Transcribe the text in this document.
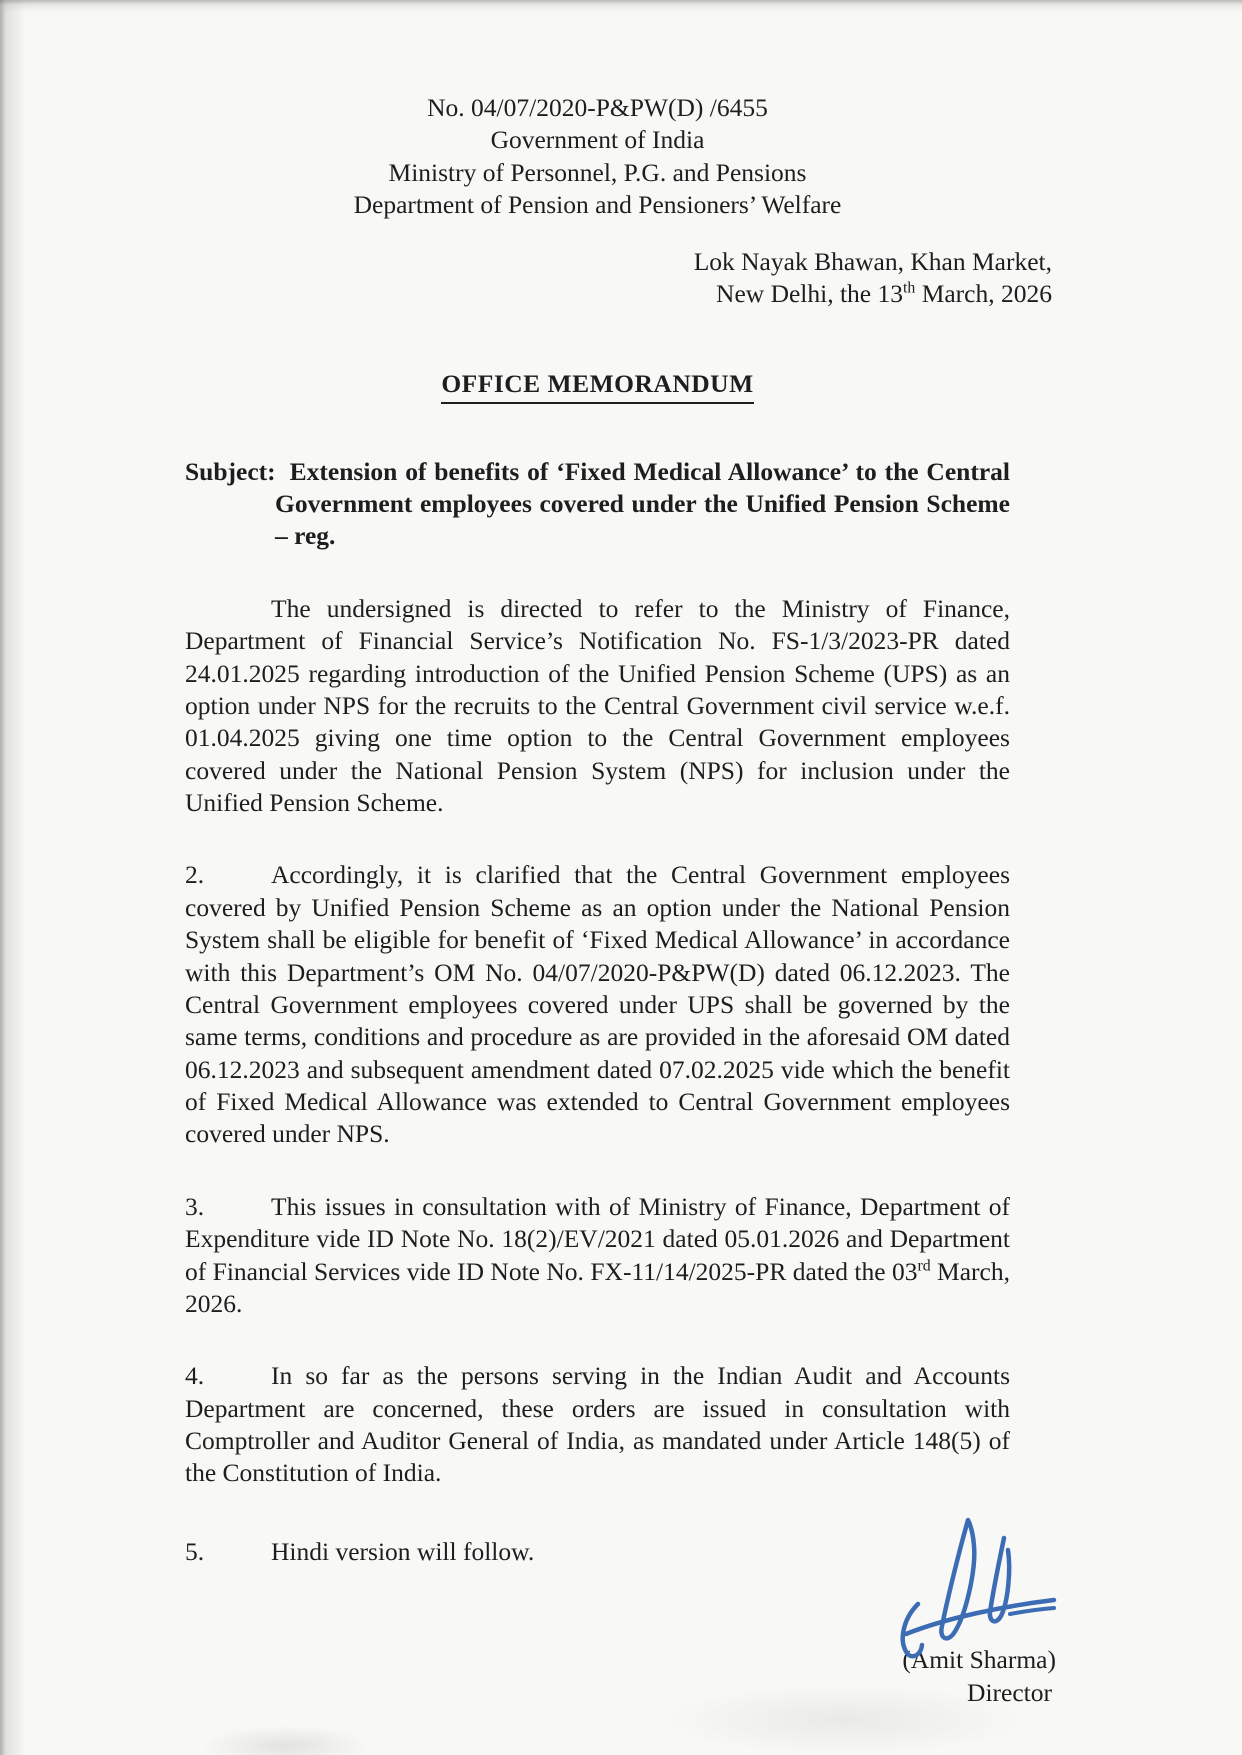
No. 04/07/2020-P&PW(D) /6455
Government of India
Ministry of Personnel, P.G. and Pensions
Department of Pension and Pensioners’ Welfare
Lok Nayak Bhawan, Khan Market,
New Delhi, the 13th March, 2026
OFFICE MEMORANDUM
Subject: Extension of benefits of ‘Fixed Medical Allowance’ to the Central Government employees covered under the Unified Pension Scheme – reg.

The undersigned is directed to refer to the Ministry of Finance, Department of Financial Service’s Notification No. FS-1/3/2023-PR dated 24.01.2025 regarding introduction of the Unified Pension Scheme (UPS) as an option under NPS for the recruits to the Central Government civil service w.e.f. 01.04.2025 giving one time option to the Central Government employees covered under the National Pension System (NPS) for inclusion under the Unified Pension Scheme.

2.	Accordingly, it is clarified that the Central Government employees covered by Unified Pension Scheme as an option under the National Pension System shall be eligible for benefit of ‘Fixed Medical Allowance’ in accordance with this Department’s OM No. 04/07/2020-P&PW(D) dated 06.12.2023. The Central Government employees covered under UPS shall be governed by the same terms, conditions and procedure as are provided in the aforesaid OM dated 06.12.2023 and subsequent amendment dated 07.02.2025 vide which the benefit of Fixed Medical Allowance was extended to Central Government employees covered under NPS.

3.	This issues in consultation with of Ministry of Finance, Department of Expenditure vide ID Note No. 18(2)/EV/2021 dated 05.01.2026 and Department of Financial Services vide ID Note No. FX-11/14/2025-PR dated the 03rd March, 2026.

4.	In so far as the persons serving in the Indian Audit and Accounts Department are concerned, these orders are issued in consultation with Comptroller and Auditor General of India, as mandated under Article 148(5) of the Constitution of India.

5.	Hindi version will follow.

(Amit Sharma)
Director
